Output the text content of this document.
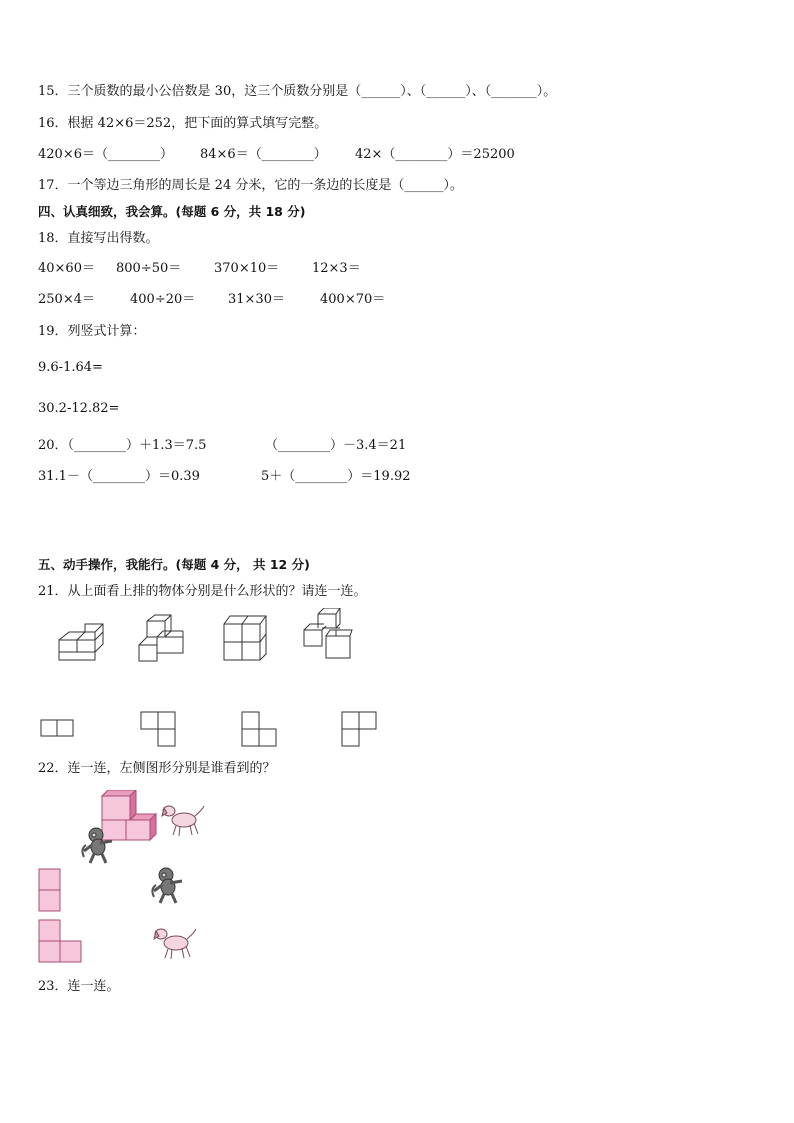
15．三个质数的最小公倍数是 30，这三个质数分别是（______）、（______）、（_______）。
16．根据 42×6＝252，把下面的算式填写完整。
420×6＝（________） 84×6＝（________） 42×（________）＝25200
17．一个等边三角形的周长是 24 分米，它的一条边的长度是（______）。
四、认真细致，我会算。(每题 6 分，共 18 分)
18．直接写出得数。
40×60＝ 800÷50＝	370×10＝	12×3＝
250×4＝	400÷20＝	31×30＝	400×70＝
19．列竖式计算：
9.6-1.64=
30.2-12.82=
20．（________）＋1.3＝7.5	（________）－3.4＝21
31.1－（________）＝0.39	5＋（________）＝19.92
五、动手操作，我能行。(每题 4 分， 共 12 分)
21．从上面看上排的物体分别是什么形状的？请连一连。
22．连一连，左侧图形分别是谁看到的？
23．连一连。
